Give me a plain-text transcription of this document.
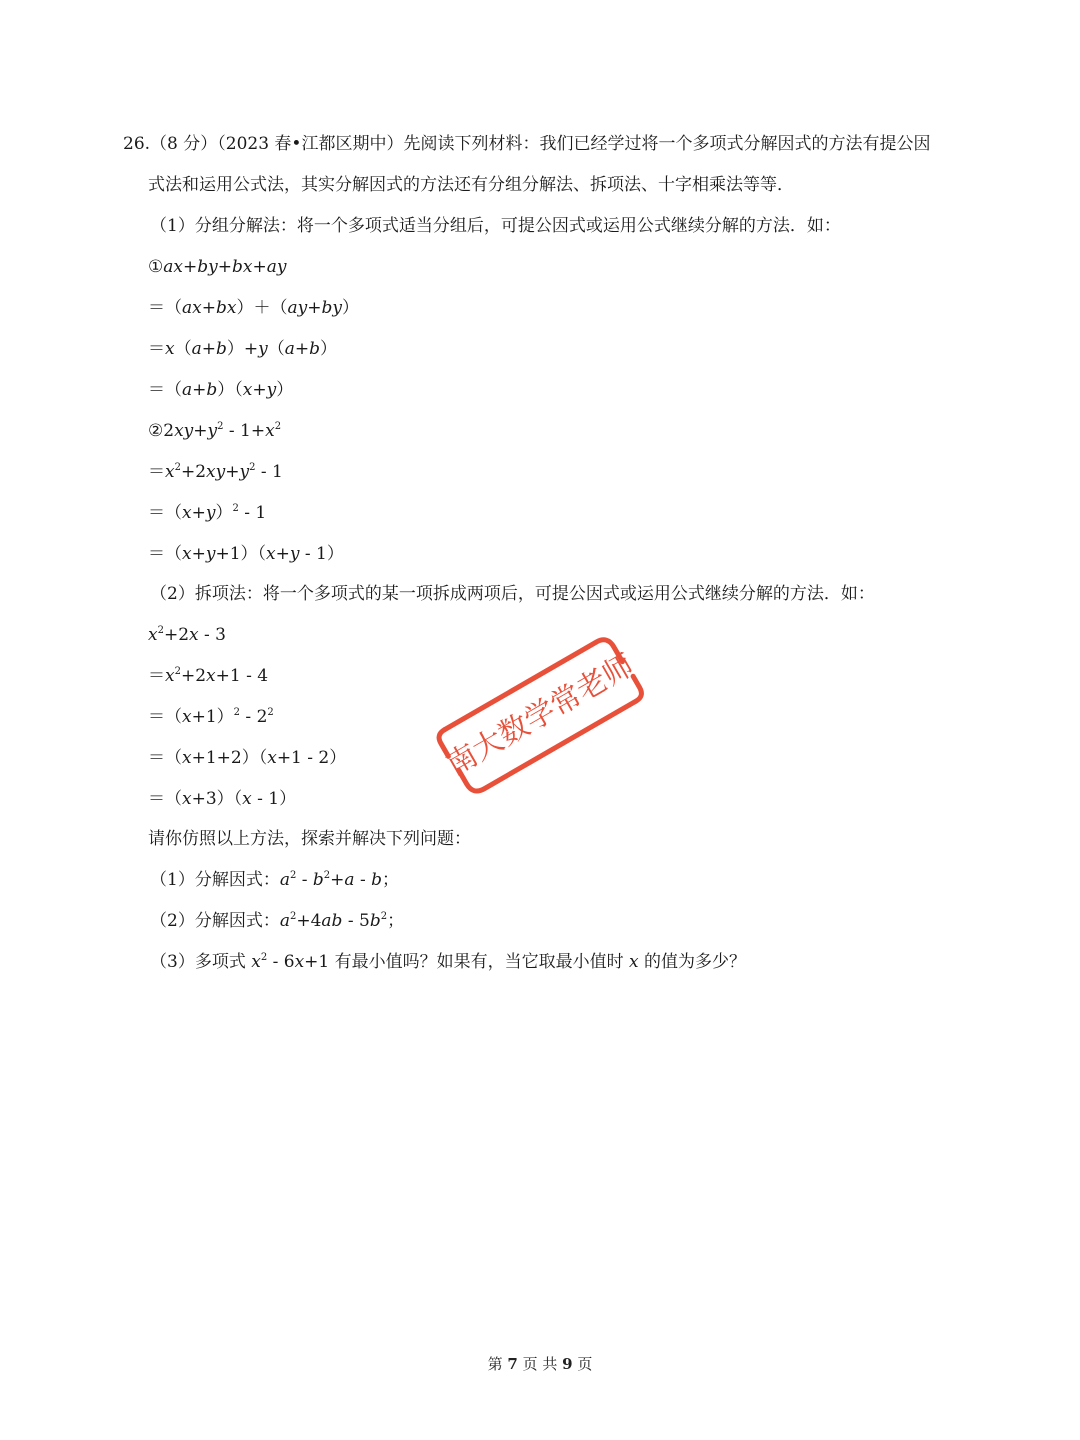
26.（8 分）（2023 春•江都区期中）先阅读下列材料：我们已经学过将一个多项式分解因式的方法有提公因
式法和运用公式法，其实分解因式的方法还有分组分解法、拆项法、十字相乘法等等．
（1）分组分解法：将一个多项式适当分组后，可提公因式或运用公式继续分解的方法．如：
①ax+by+bx+ay
＝（ax+bx）＋（ay+by）
＝x（a+b）+y（a+b）
＝（a+b）（x+y）
$②2xy+y^2 - 1+x^2$
$=x^2+2xy+y^2 - 1$
$=(x+y)^2 - 1$
＝（x+y+1）（x+y - 1）
（2）拆项法：将一个多项式的某一项拆成两项后，可提公因式或运用公式继续分解的方法．如：
$x^2+2x - 3$
$=x^2+2x+1 - 4$
$=(x+1)^2 - 2^2$
＝（x+1+2）（x+1 - 2）
＝（x+3）（x - 1）
请你仿照以上方法，探索并解决下列问题：
（1）分解因式：$a^2 - b^2+a - b$；
（2）分解因式：$a^2+4ab - 5b^2$；
（3）多项式 $x^2 - 6x+1$ 有最小值吗？如果有，当它取最小值时 x 的值为多少？
南大数学常老师
第 7 页 共 9 页
